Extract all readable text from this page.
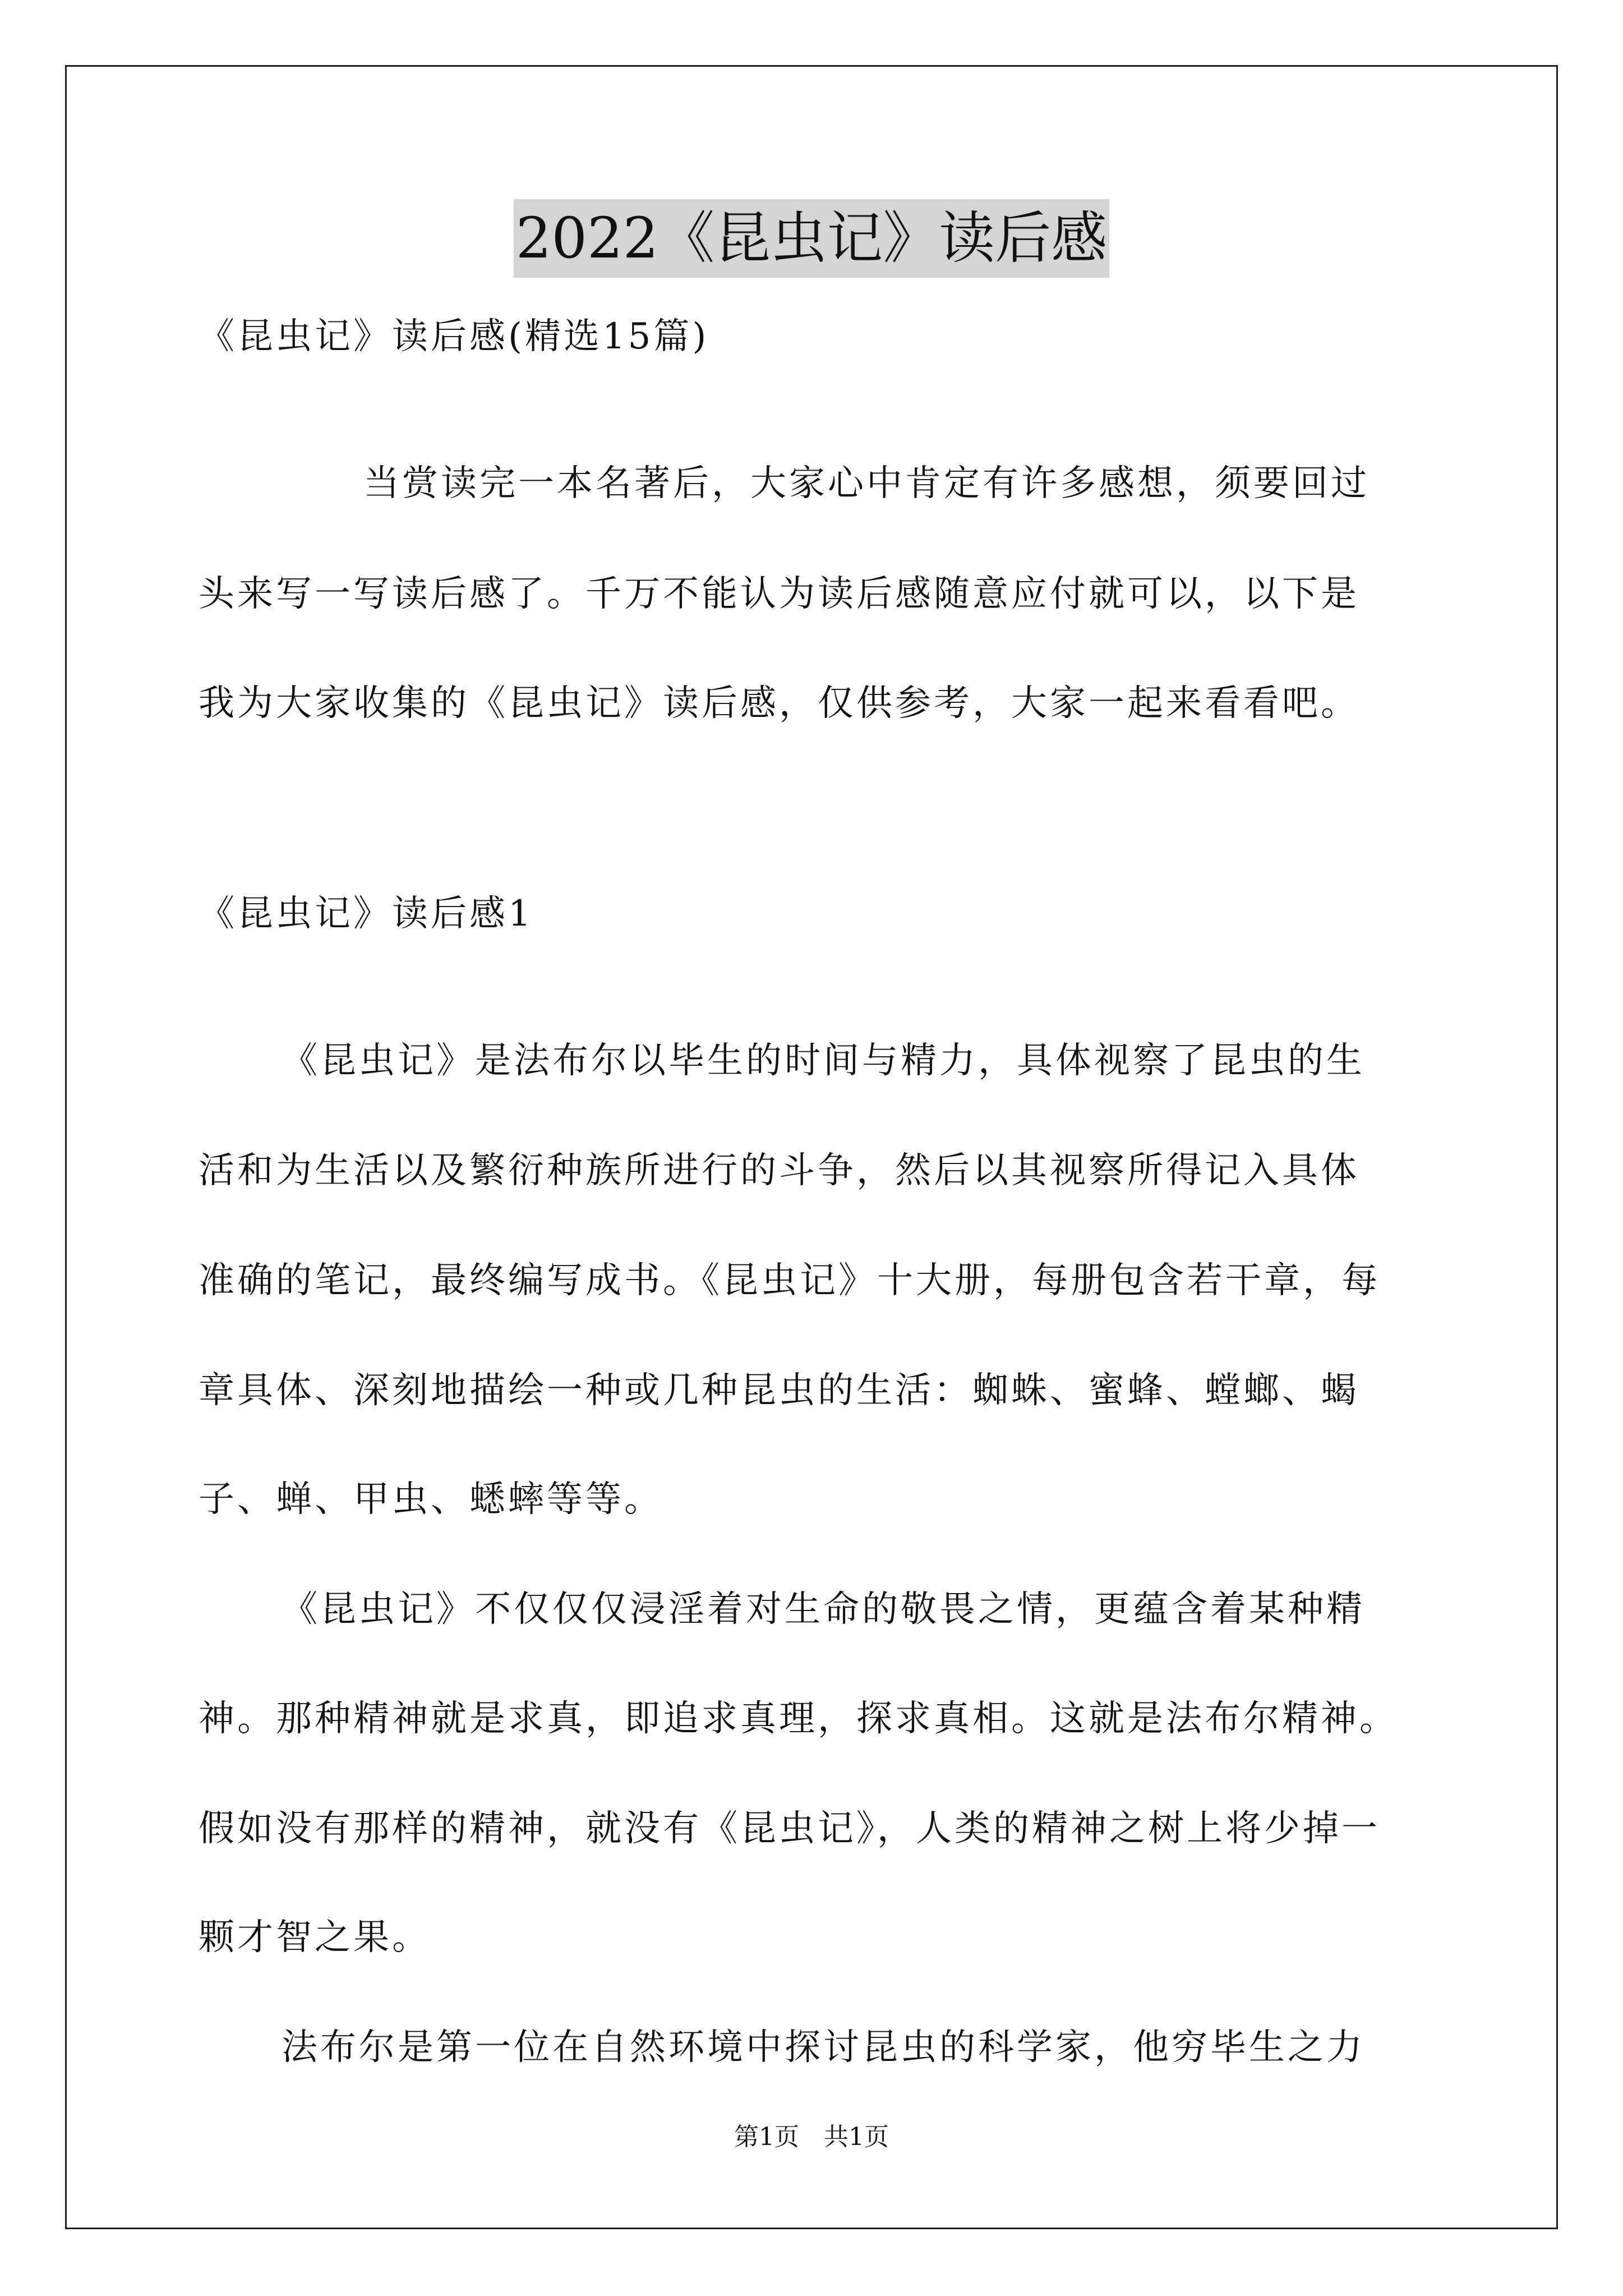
2022《昆虫记》读后感
《昆虫记》读后感(精选15篇)
当赏读完一本名著后，大家心中肯定有许多感想，须要回过
头来写一写读后感了。千万不能认为读后感随意应付就可以，以下是
我为大家收集的《昆虫记》读后感，仅供参考，大家一起来看看吧。
《昆虫记》读后感1
《昆虫记》是法布尔以毕生的时间与精力，具体视察了昆虫的生
活和为生活以及繁衍种族所进行的斗争，然后以其视察所得记入具体
准确的笔记，最终编写成书。《昆虫记》十大册，每册包含若干章，每
章具体、深刻地描绘一种或几种昆虫的生活：蜘蛛、蜜蜂、螳螂、蝎
子、蝉、甲虫、蟋蟀等等。
《昆虫记》不仅仅仅浸淫着对生命的敬畏之情，更蕴含着某种精
神。那种精神就是求真，即追求真理，探求真相。这就是法布尔精神。
假如没有那样的精神，就没有《昆虫记》，人类的精神之树上将少掉一
颗才智之果。
法布尔是第一位在自然环境中探讨昆虫的科学家，他穷毕生之力
第1页　共1页
